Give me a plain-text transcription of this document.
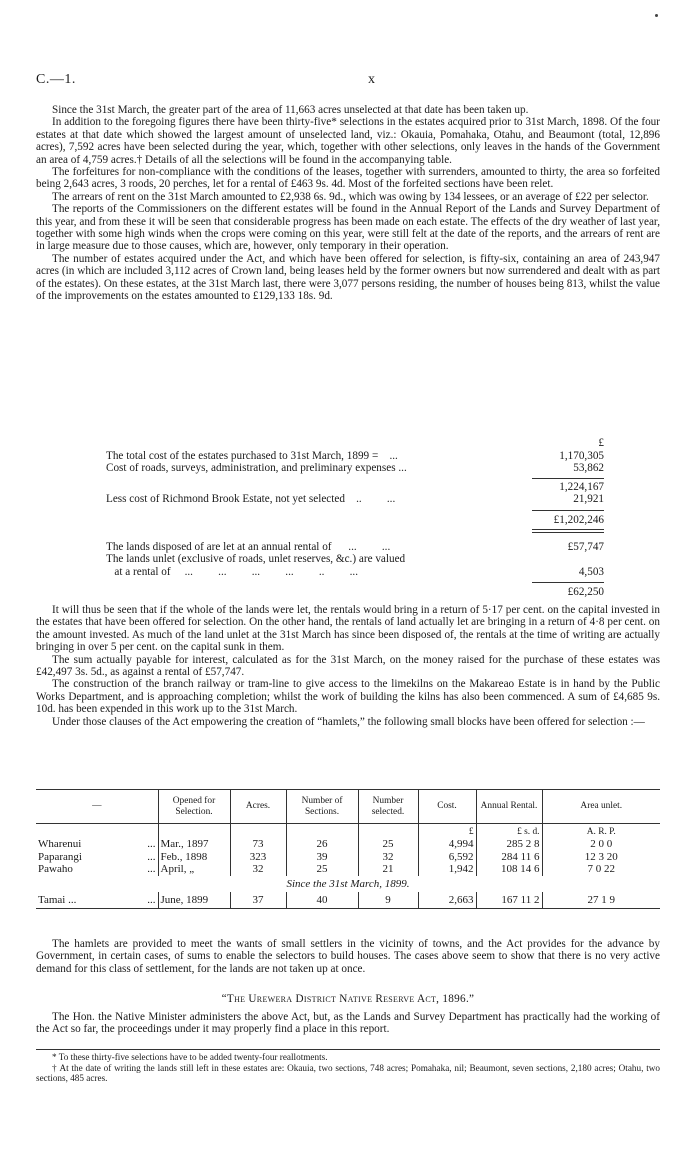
C.—1.	x

Since the 31st March, the greater part of the area of 11,663 acres unselected at that date has been taken up.

In addition to the foregoing figures there have been thirty-five* selections in the estates acquired prior to 31st March, 1898. Of the four estates at that date which showed the largest amount of unselected land, viz.: Okauia, Pomahaka, Otahu, and Beaumont (total, 12,896 acres), 7,592 acres have been selected during the year, which, together with other selections, only leaves in the hands of the Government an area of 4,759 acres.† Details of all the selections will be found in the accompanying table.

The forfeitures for non-compliance with the conditions of the leases, together with surrenders, amounted to thirty, the area so forfeited being 2,643 acres, 3 roods, 20 perches, let for a rental of £463 9s. 4d. Most of the forfeited sections have been relet.

The arrears of rent on the 31st March amounted to £2,938 6s. 9d., which was owing by 134 lessees, or an average of £22 per selector.

The reports of the Commissioners on the different estates will be found in the Annual Report of the Lands and Survey Department of this year, and from these it will be seen that considerable progress has been made on each estate. The effects of the dry weather of last year, together with some high winds when the crops were coming on this year, were still felt at the date of the reports, and the arrears of rent are in large measure due to those causes, which are, however, only temporary in their operation.

The number of estates acquired under the Act, and which have been offered for selection, is fifty-six, containing an area of 243,947 acres (in which are included 3,112 acres of Crown land, being leases held by the former owners but now surrendered and dealt with as part of the estates). On these estates, at the 31st March last, there were 3,077 persons residing, the number of houses being 813, whilst the value of the improvements on the estates amounted to £129,133 18s. 9d.

£
The total cost of the estates purchased to 31st March, 1899 =    ...	1,170,305
Cost of roads, surveys, administration, and preliminary expenses ...	53,862
1,224,167
Less cost of Richmond Brook Estate, not yet selected    ..         ...	21,921
£1,202,246
The lands disposed of are let at an annual rental of      ...         ...	£57,747
The lands unlet (exclusive of roads, unlet reserves, &c.) are valued
at a rental of     ...         ...         ...         ...         ..         ...	4,503
£62,250

It will thus be seen that if the whole of the lands were let, the rentals would bring in a return of 5·17 per cent. on the capital invested in the estates that have been offered for selection. On the other hand, the rentals of land actually let are bringing in a return of 4·8 per cent. on the amount invested. As much of the land unlet at the 31st March has since been disposed of, the rentals at the time of writing are actually bringing in over 5 per cent. on the capital sunk in them.

The sum actually payable for interest, calculated as for the 31st March, on the money raised for the purchase of these estates was £42,497 3s. 5d., as against a rental of £57,747.

The construction of the branch railway or tram-line to give access to the limekilns on the Makareao Estate is in hand by the Public Works Department, and is approaching completion; whilst the work of building the kilns has also been commenced. A sum of £4,685 9s. 10d. has been expended in this work up to the 31st March.

Under those clauses of the Act empowering the creation of “hamlets,” the following small blocks have been offered for selection :—

—	Opened for Selection.	Acres.	Number of Sections.	Number selected.	Cost.	Annual Rental.	Area unlet.
					£	£ s. d.	A. R. P.
Wharenui ...	Mar., 1897	73	26	25	4,994	285 2 8	2 0 0
Paparangi ...	Feb., 1898	323	39	32	6,592	284 11 6	12 3 20
Pawaho ...	April, „	32	25	21	1,942	108 14 6	7 0 22
Since the 31st March, 1899.							
Tamai ... ...	June, 1899	37	40	9	2,663	167 11 2	27 1 9

The hamlets are provided to meet the wants of small settlers in the vicinity of towns, and the Act provides for the advance by Government, in certain cases, of sums to enable the selectors to build houses. The cases above seem to show that there is no very active demand for this class of settlement, for the lands are not taken up at once.

“The Urewera District Native Reserve Act, 1896.”

The Hon. the Native Minister administers the above Act, but, as the Lands and Survey Department has practically had the working of the Act so far, the proceedings under it may properly find a place in this report.

* To these thirty-five selections have to be added twenty-four reallotments.

† At the date of writing the lands still left in these estates are: Okauia, two sections, 748 acres; Pomahaka, nil; Beaumont, seven sections, 2,180 acres; Otahu, two sections, 485 acres.
